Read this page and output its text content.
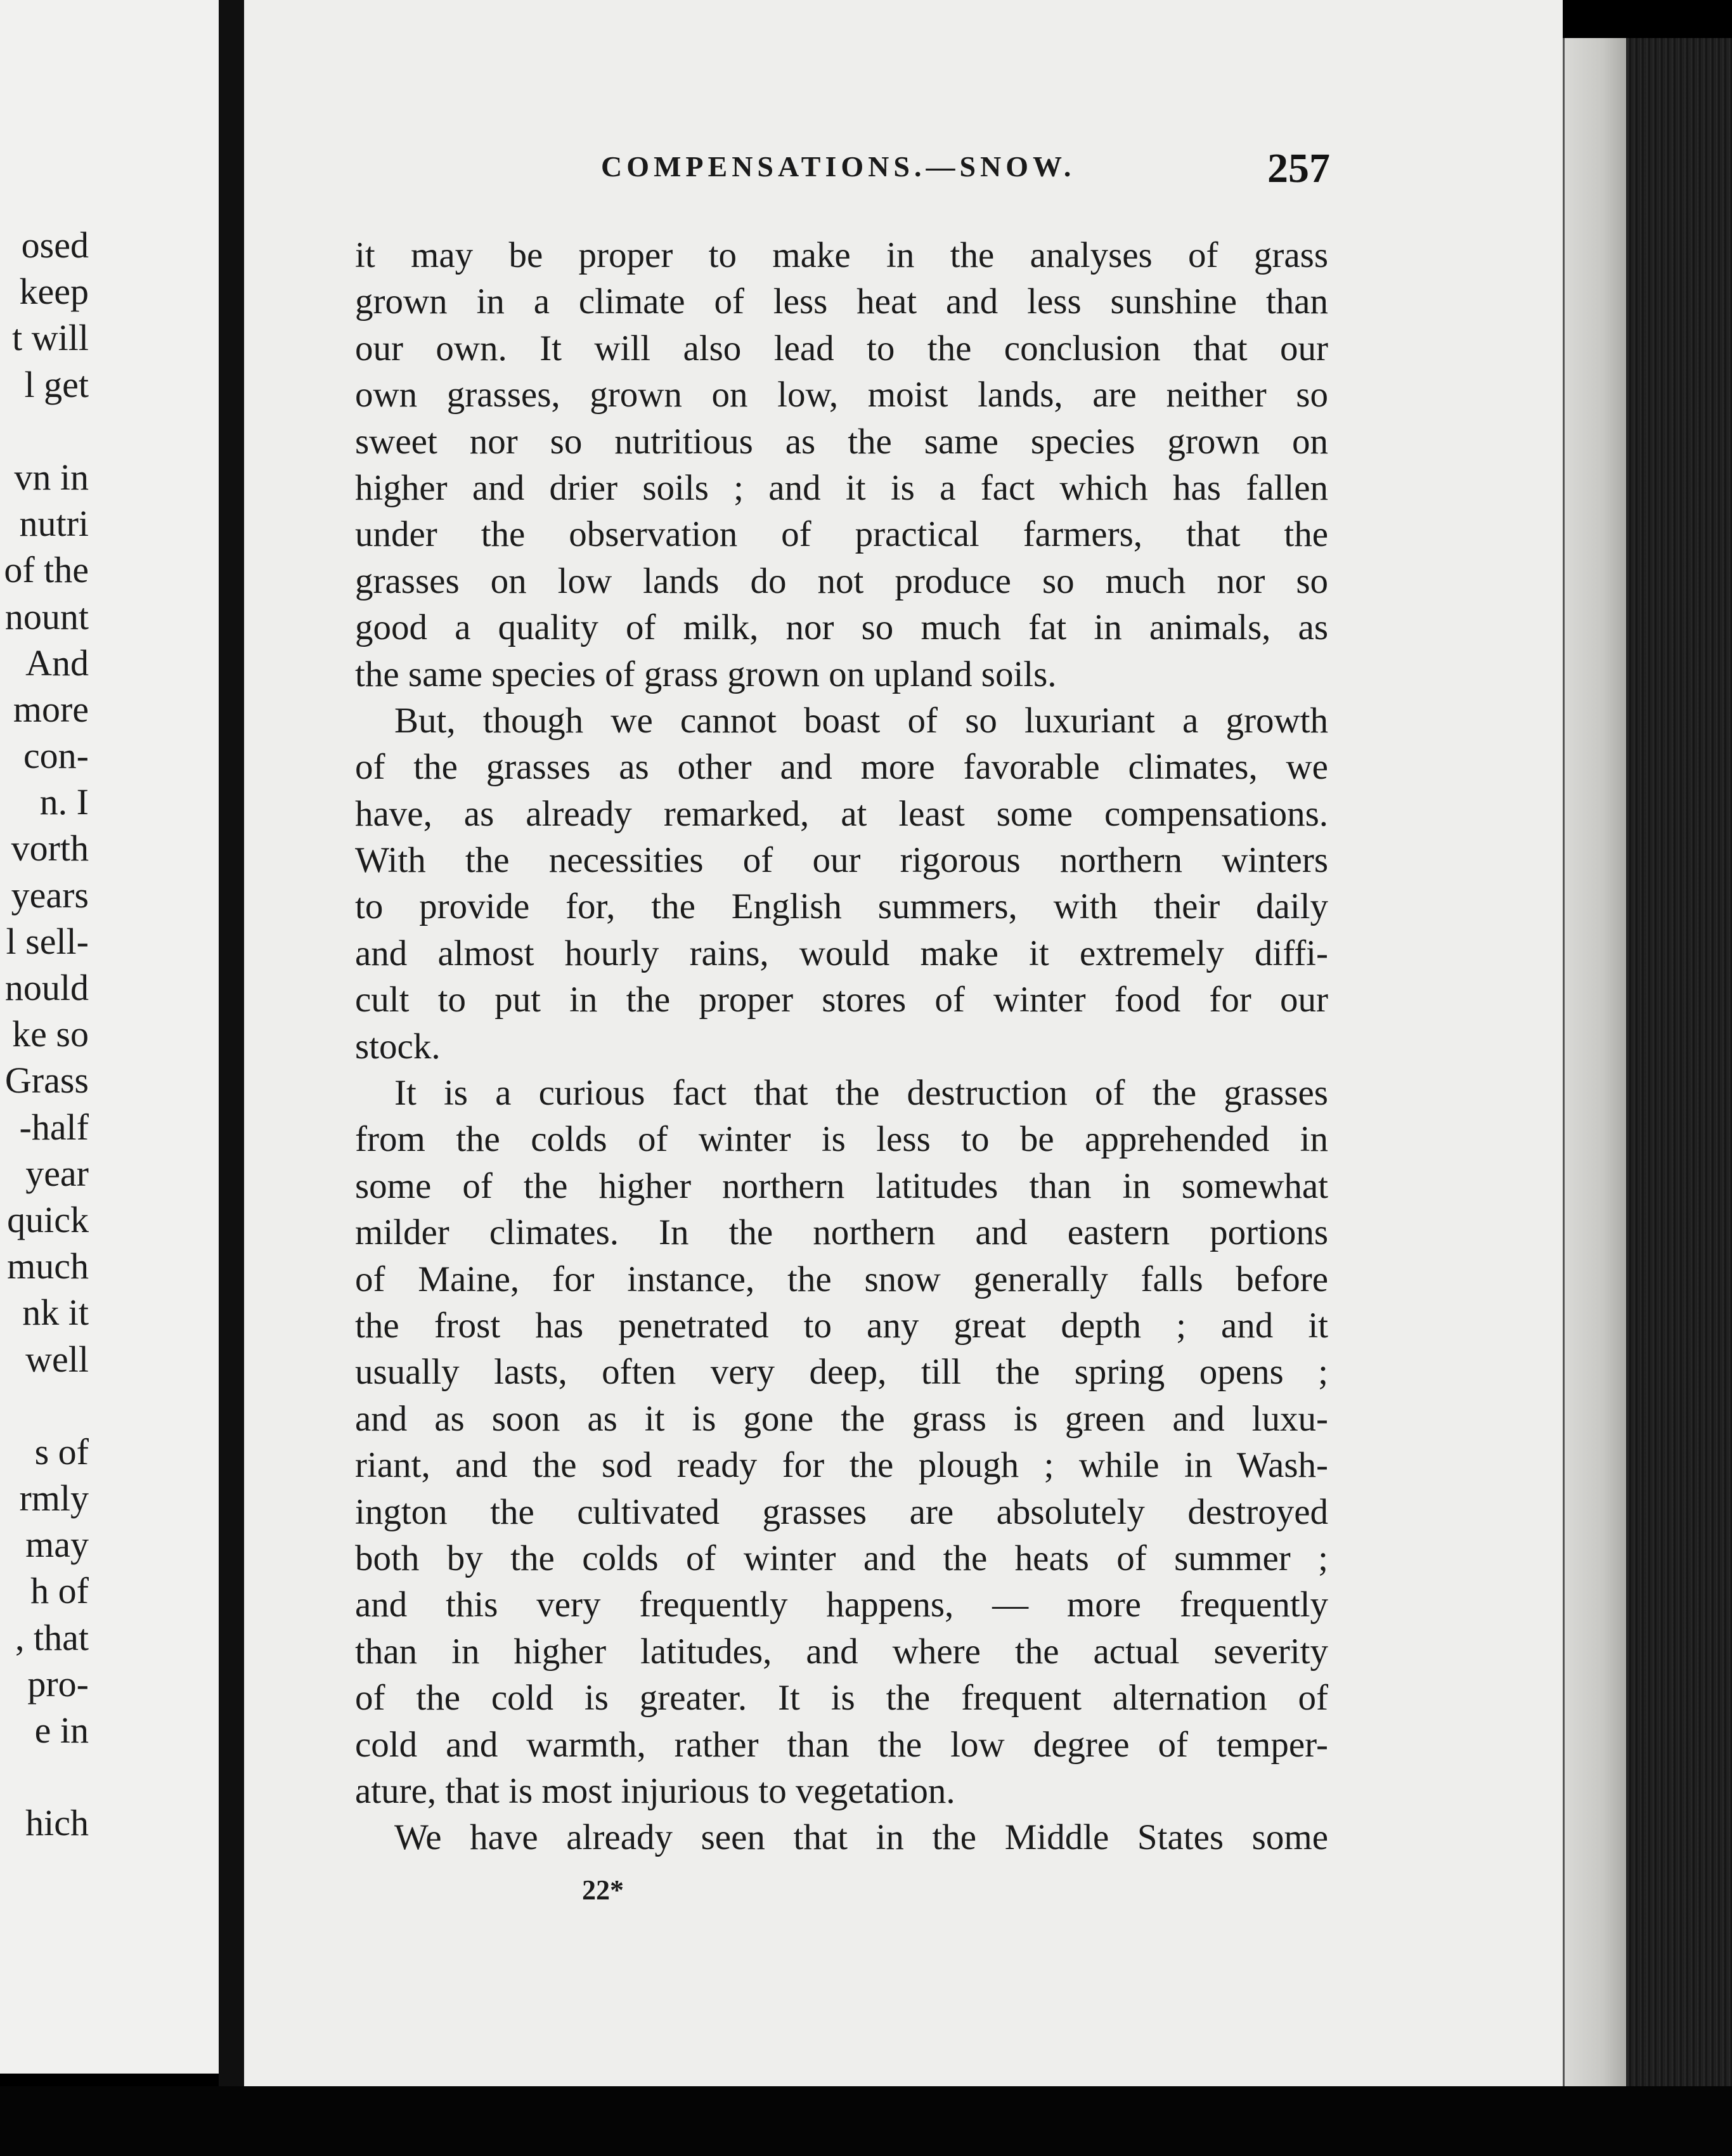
osed
keep
t will
l get
vn in
nutri
of the
nount
And
more
con-
n. I
vorth
years
l sell-
nould
ke so
Grass
-half
year
quick
much
nk it
well
s of
rmly
may
h of
, that
pro-
e in
hich
COMPENSATIONS.—SNOW.	257
it may be proper to make in the analyses of grass
grown in a climate of less heat and less sunshine than
our own. It will also lead to the conclusion that our
own grasses, grown on low, moist lands, are neither so
sweet nor so nutritious as the same species grown on
higher and drier soils ; and it is a fact which has fallen
under the observation of practical farmers, that the
grasses on low lands do not produce so much nor so
good a quality of milk, nor so much fat in animals, as
the same species of grass grown on upland soils.
But, though we cannot boast of so luxuriant a growth
of the grasses as other and more favorable climates, we
have, as already remarked, at least some compensations.
With the necessities of our rigorous northern winters
to provide for, the English summers, with their daily
and almost hourly rains, would make it extremely diffi-
cult to put in the proper stores of winter food for our
stock.
It is a curious fact that the destruction of the grasses
from the colds of winter is less to be apprehended in
some of the higher northern latitudes than in somewhat
milder climates. In the northern and eastern portions
of Maine, for instance, the snow generally falls before
the frost has penetrated to any great depth ; and it
usually lasts, often very deep, till the spring opens ;
and as soon as it is gone the grass is green and luxu-
riant, and the sod ready for the plough ; while in Wash-
ington the cultivated grasses are absolutely destroyed
both by the colds of winter and the heats of summer ;
and this very frequently happens, — more frequently
than in higher latitudes, and where the actual severity
of the cold is greater. It is the frequent alternation of
cold and warmth, rather than the low degree of temper-
ature, that is most injurious to vegetation.
We have already seen that in the Middle States some
22*
